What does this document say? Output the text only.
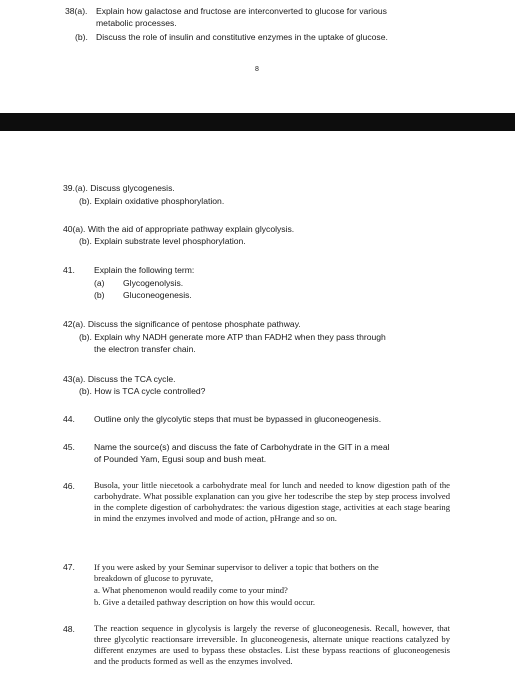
38(a). Explain how galactose and fructose are interconverted to glucose for various
metabolic processes.
(b). Discuss the role of insulin and constitutive enzymes in the uptake of glucose.
8
39.(a). Discuss glycogenesis.
(b). Explain oxidative phosphorylation.
40(a). With the aid of appropriate pathway explain glycolysis.
(b). Explain substrate level phosphorylation.
41. Explain the following term:
(a) Glycogenolysis.
(b) Gluconeogenesis.
42(a). Discuss the significance of pentose phosphate pathway.
(b). Explain why NADH generate more ATP than FADH2 when they pass through
the electron transfer chain.
43(a). Discuss the TCA cycle.
(b). How is TCA cycle controlled?
44. Outline only the glycolytic steps that must be bypassed in gluconeogenesis.
45. Name the source(s) and discuss the fate of Carbohydrate in the GIT in a meal
of Pounded Yam, Egusi soup and bush meat.
46. Busola, your little niecetook a carbohydrate meal for lunch and needed to know digestion path of the carbohydrate. What possible explanation can you give her todescribe the step by step process involved in the complete digestion of carbohydrates: the various digestion stage, activities at each stage bearing in mind the enzymes involved and mode of action, pHrange and so on.
47. If you were asked by your Seminar supervisor to deliver a topic that bothers on the
breakdown of glucose to pyruvate,
a. What phenomenon would readily come to your mind?
b. Give a detailed pathway description on how this would occur.
48. The reaction sequence in glycolysis is largely the reverse of gluconeogenesis. Recall, however, that three glycolytic reactionsare irreversible. In gluconeogenesis, alternate unique reactions catalyzed by different enzymes are used to bypass these obstacles. List these bypass reactions of gluconeogenesis and the products formed as well as the enzymes involved.
